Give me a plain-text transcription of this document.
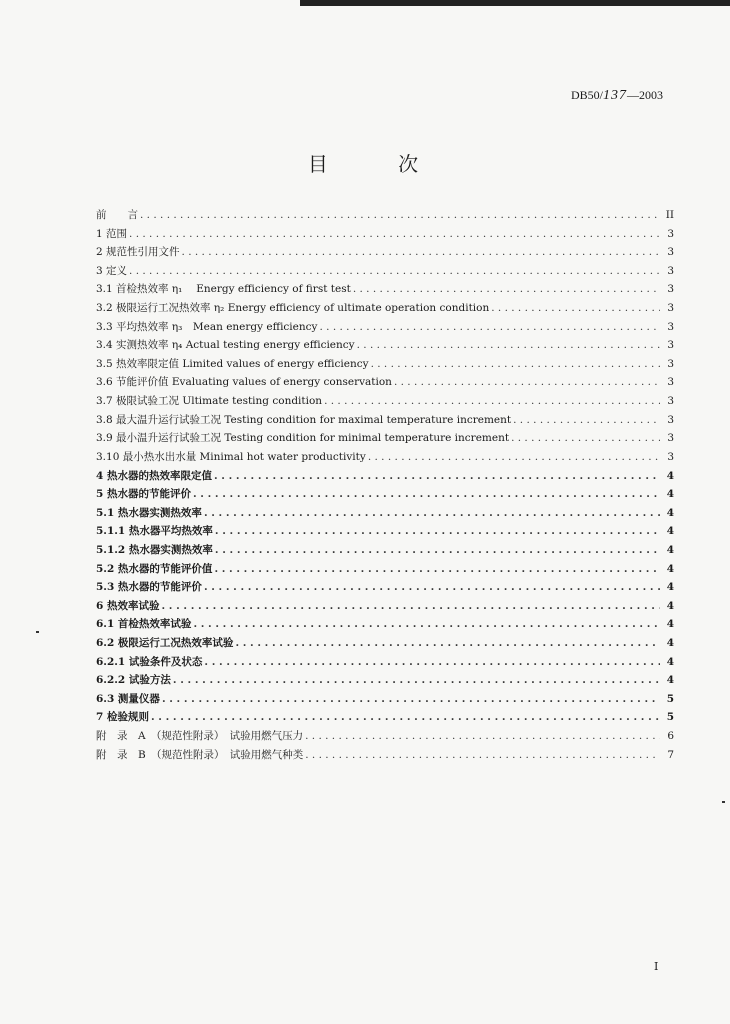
DB50/137—2003
目 次
前　　言 . . .	II
1 范围 . . .	3
2 规范性引用文件 . . .	3
3 定义 . . .	3
3.1 首检热效率 η₁　 Energy efficiency of first test . . .	3
3.2 极限运行工况热效率 η₂ Energy efficiency of ultimate operation condition . . .	3
3.3 平均热效率 η₃　Mean energy efficiency . . .	3
3.4 实测热效率 η₄ Actual testing energy efficiency . . .	3
3.5 热效率限定值 Limited values of energy efficiency . . .	3
3.6 节能评价值 Evaluating values of energy conservation . . .	3
3.7 极限试验工况 Ultimate testing condition . . .	3
3.8 最大温升运行试验工况 Testing condition for maximal temperature increment . . .	3
3.9 最小温升运行试验工况 Testing condition for minimal temperature increment . . .	3
3.10 最小热水出水量 Minimal hot water productivity . . .	3
4 热水器的热效率限定值 . . .	4
5 热水器的节能评价 . . .	4
5.1 热水器实测热效率 . . .	4
5.1.1 热水器平均热效率 . . .	4
5.1.2 热水器实测热效率 . . .	4
5.2 热水器的节能评价值 . . .	4
5.3 热水器的节能评价 . . .	4
6 热效率试验 . . .	4
6.1 首检热效率试验 . . .	4
6.2 极限运行工况热效率试验 . . .	4
6.2.1 试验条件及状态 . . .	4
6.2.2 试验方法 . . .	4
6.3 测量仪器 . . .	5
7 检验规则 . . .	5
附　录　A　（规范性附录）　试验用燃气压力 . . .	6
附　录　B　（规范性附录）　试验用燃气种类 . . .	7
I
